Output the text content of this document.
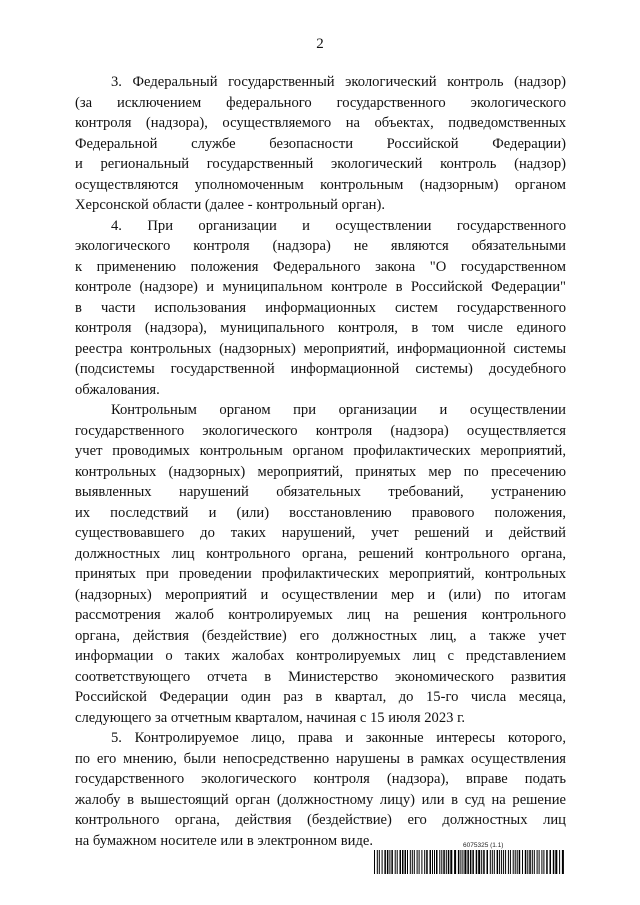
2
3. Федеральный государственный экологический контроль (надзор)
(за исключением федерального государственного экологического
контроля (надзора), осуществляемого на объектах, подведомственных
Федеральной службе безопасности Российской Федерации)
и региональный государственный экологический контроль (надзор)
осуществляются уполномоченным контрольным (надзорным) органом
Херсонской области (далее - контрольный орган).
4. При организации и осуществлении государственного
экологического контроля (надзора) не являются обязательными
к применению положения Федерального закона "О государственном
контроле (надзоре) и муниципальном контроле в Российской Федерации"
в части использования информационных систем государственного
контроля (надзора), муниципального контроля, в том числе единого
реестра контрольных (надзорных) мероприятий, информационной системы
(подсистемы государственной информационной системы) досудебного
обжалования.
Контрольным органом при организации и осуществлении
государственного экологического контроля (надзора) осуществляется
учет проводимых контрольным органом профилактических мероприятий,
контрольных (надзорных) мероприятий, принятых мер по пресечению
выявленных нарушений обязательных требований, устранению
их последствий и (или) восстановлению правового положения,
существовавшего до таких нарушений, учет решений и действий
должностных лиц контрольного органа, решений контрольного органа,
принятых при проведении профилактических мероприятий, контрольных
(надзорных) мероприятий и осуществлении мер и (или) по итогам
рассмотрения жалоб контролируемых лиц на решения контрольного
органа, действия (бездействие) его должностных лиц, а также учет
информации о таких жалобах контролируемых лиц с представлением
соответствующего отчета в Министерство экономического развития
Российской Федерации один раз в квартал, до 15-го числа месяца,
следующего за отчетным кварталом, начиная с 15 июля 2023 г.
5. Контролируемое лицо, права и законные интересы которого,
по его мнению, были непосредственно нарушены в рамках осуществления
государственного экологического контроля (надзора), вправе подать
жалобу в вышестоящий орган (должностному лицу) или в суд на решение
контрольного органа, действия (бездействие) его должностных лиц
на бумажном носителе или в электронном виде.	6075325 (1.1)
